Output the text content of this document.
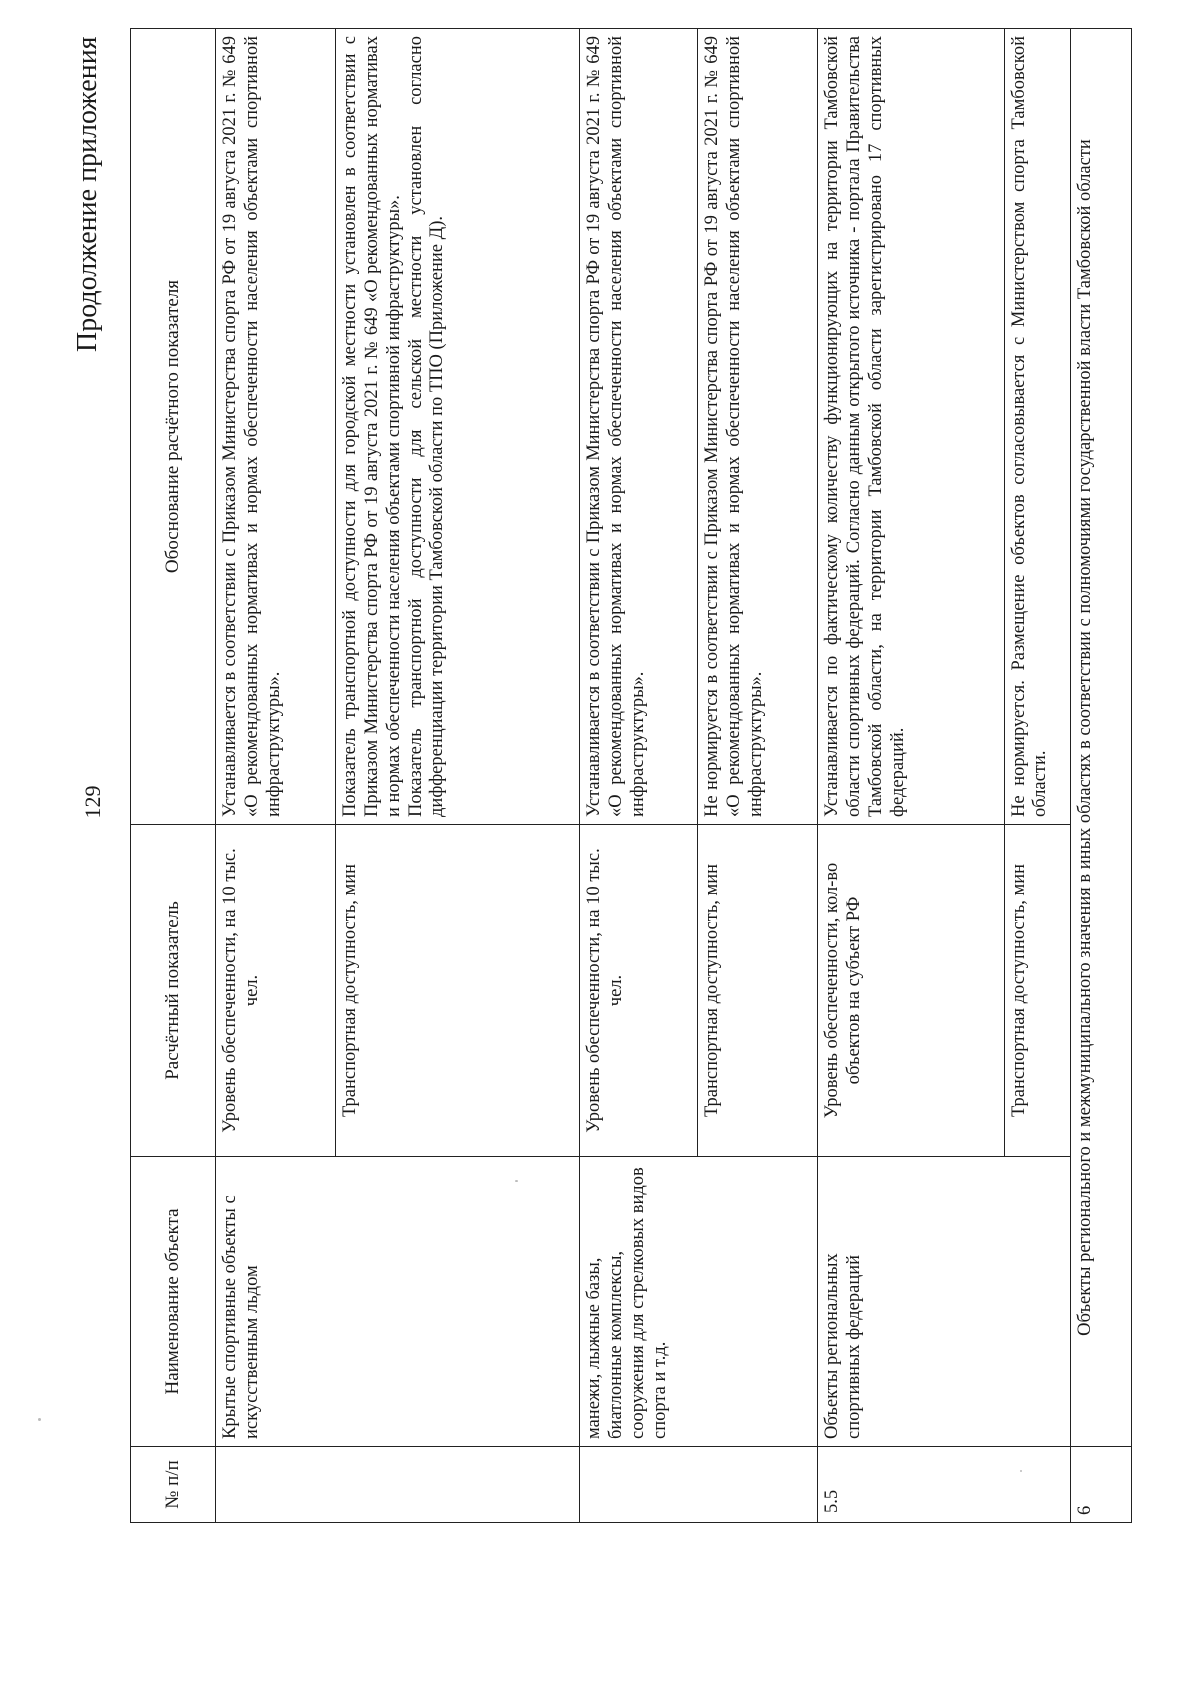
129
Продолжение приложения
№ п/п	Наименование объекта	Расчётный показатель	Обоснование расчётного показателя
	Крытые спортивные объекты с искусственным льдом	Уровень обеспеченности, на 10 тыс. чел.	Устанавливается в соответствии с Приказом Министерства спорта РФ от 19 августа 2021 г. № 649 «О рекомендованных нормативах и нормах обеспеченности населения объектами спортивной инфраструктуры».
		Транспортная доступность, мин	Показатель транспортной доступности для городской местности установлен в соответствии с Приказом Министерства спорта РФ от 19 августа 2021 г. № 649 «О рекомендованных нормативах и нормах обеспеченности населения объектами спортивной инфраструктуры». Показатель транспортной доступности для сельской местности установлен согласно дифференциации территории Тамбовской области по ТПО (Приложение Д).

	манежи, лыжные базы, биатлонные комплексы, сооружения для стрелковых видов спорта и т.д.	Уровень обеспеченности, на 10 тыс. чел.	Устанавливается в соответствии с Приказом Министерства спорта РФ от 19 августа 2021 г. № 649 «О рекомендованных нормативах и нормах обеспеченности населения объектами спортивной инфраструктуры».
		Транспортная доступность, мин	Не нормируется в соответствии с Приказом Министерства спорта РФ от 19 августа 2021 г. № 649 «О рекомендованных нормативах и нормах обеспеченности населения объектами спортивной инфраструктуры».
5.5	Объекты региональных спортивных федераций	Уровень обеспеченности, кол-во объектов на субъект РФ	Устанавливается по фактическому количеству функционирующих на территории Тамбовской области спортивных федераций. Согласно данным открытого источника - портала Правительства Тамбовской области, на территории Тамбовской области зарегистрировано 17 спортивных федераций.
		Транспортная доступность, мин	Не нормируется. Размещение объектов согласовывается с Министерством спорта Тамбовской области.
6	Объекты регионального и межмуниципального значения в иных областях в соответствии с полномочиями государственной власти Тамбовской области		
